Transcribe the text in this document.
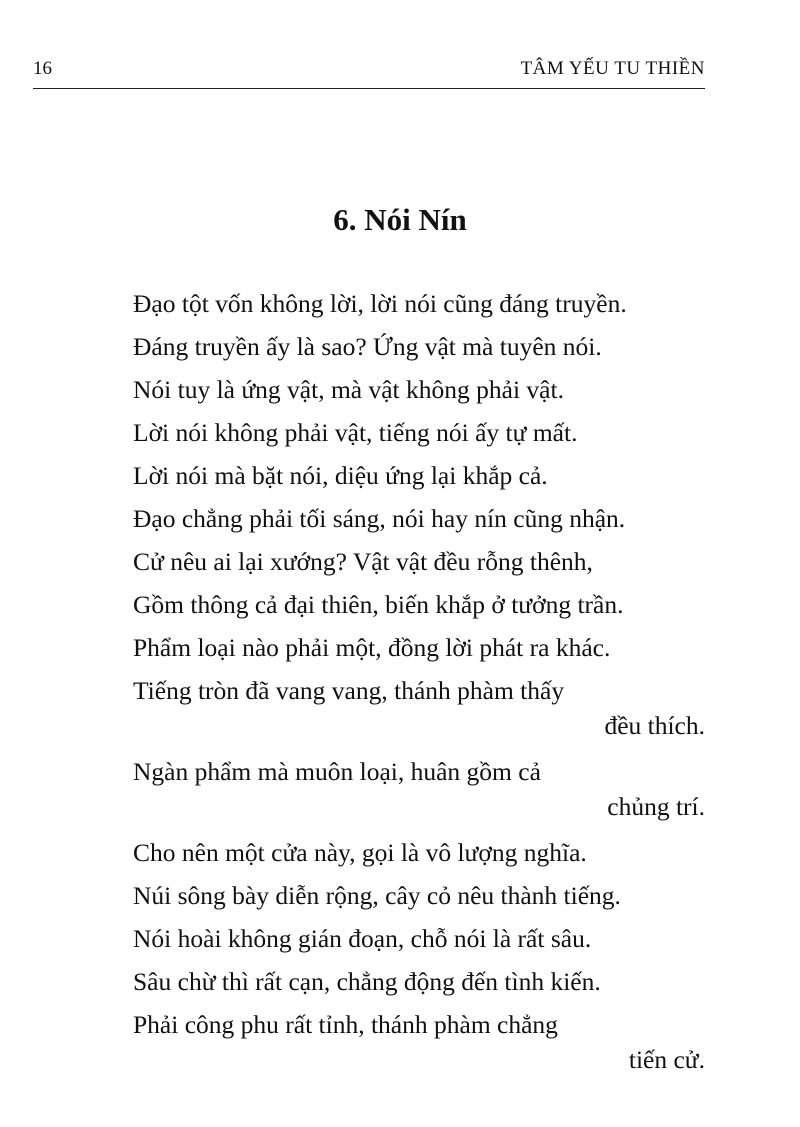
16	TÂM YẾU TU THIỀN
6. Nói Nín
Đạo tột vốn không lời, lời nói cũng đáng truyền.
Đáng truyền ấy là sao? Ứng vật mà tuyên nói.
Nói tuy là ứng vật, mà vật không phải vật.
Lời nói không phải vật, tiếng nói ấy tự mất.
Lời nói mà bặt nói, diệu ứng lại khắp cả.
Đạo chẳng phải tối sáng, nói hay nín cũng nhận.
Cử nêu ai lại xướng? Vật vật đều rỗng thênh,
Gồm thông cả đại thiên, biến khắp ở tưởng trần.
Phẩm loại nào phải một, đồng lời phát ra khác.
Tiếng tròn đã vang vang, thánh phàm thấy
đều thích.
Ngàn phẩm mà muôn loại, huân gồm cả
chủng trí.
Cho nên một cửa này, gọi là vô lượng nghĩa.
Núi sông bày diễn rộng, cây cỏ nêu thành tiếng.
Nói hoài không gián đoạn, chỗ nói là rất sâu.
Sâu chừ thì rất cạn, chẳng động đến tình kiến.
Phải công phu rất tỉnh, thánh phàm chẳng
tiến cử.
